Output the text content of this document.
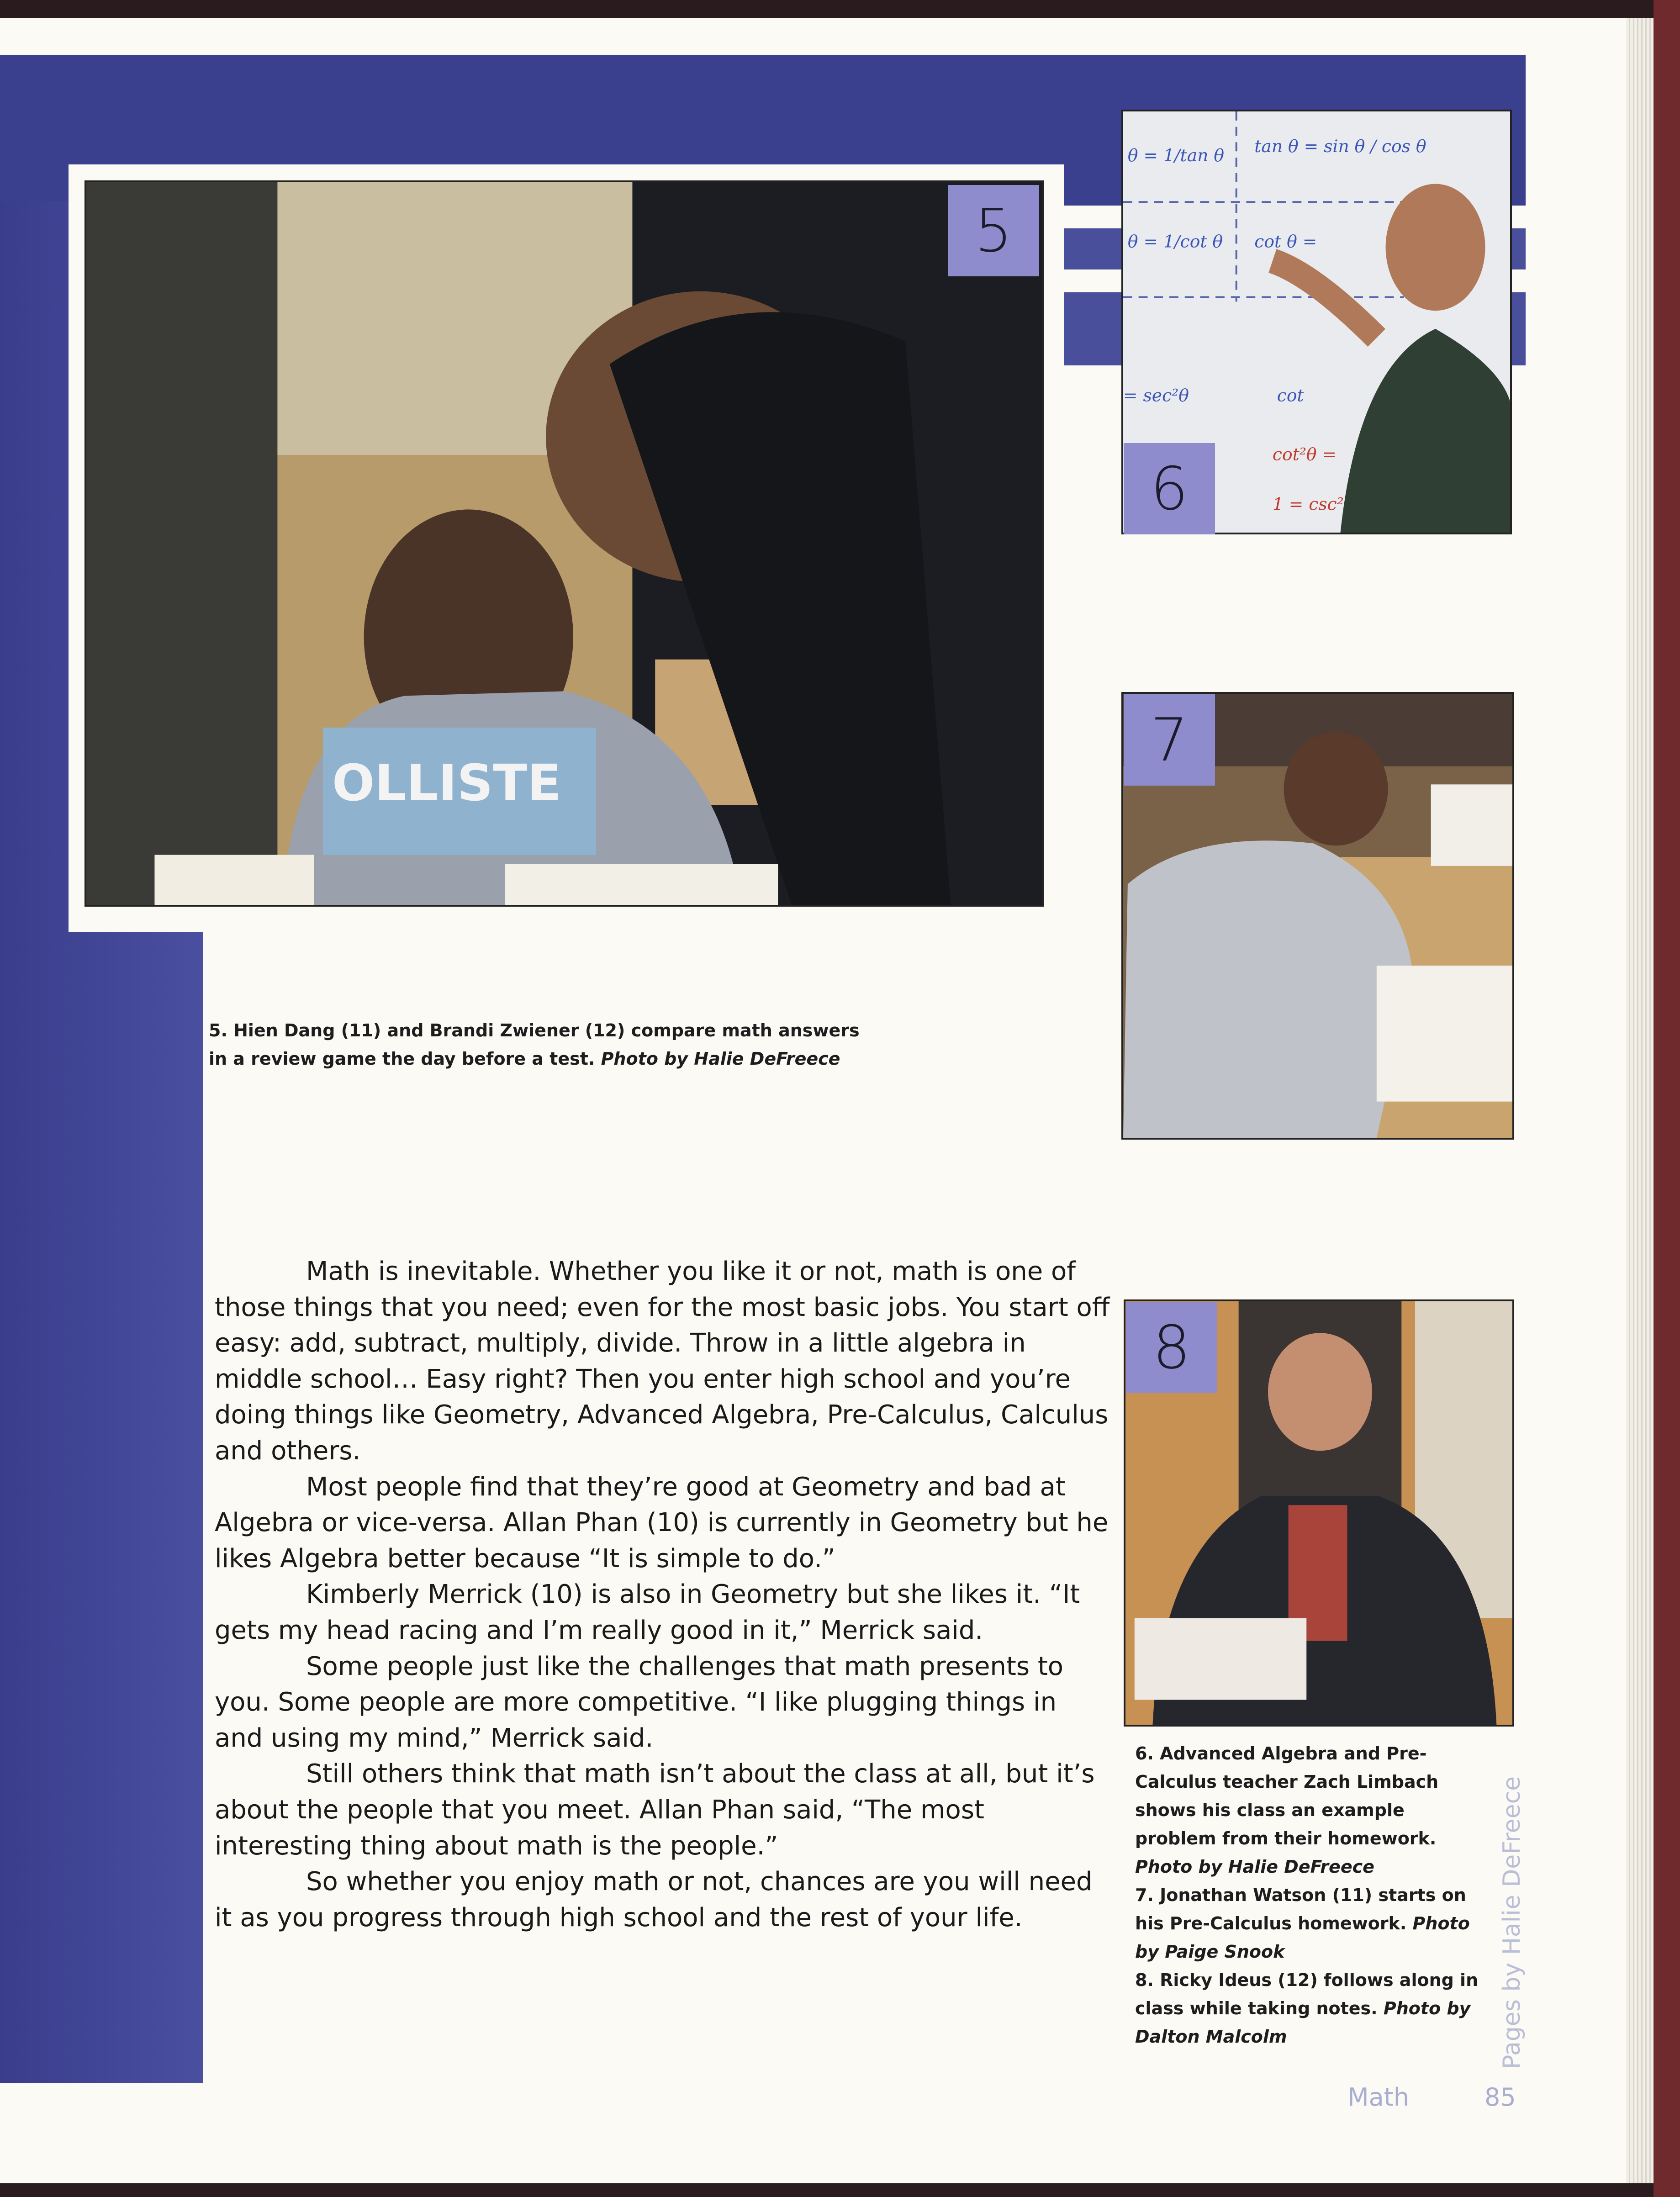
OLLISTE
5
θ = 1/tan θ tan θ = sin θ / cos θ
θ = 1/cot θ cot θ =
= sec²θ	cot
cot²θ =
1 = csc²
6
7
8

5. Hien Dang (11) and Brandi Zwiener (12) compare math answers
in a review game the day before a test. Photo by Halie DeFreece

Math is inevitable. Whether you like it or not, math is one of those things that you need; even for the most basic jobs. You start off easy: add, subtract, multiply, divide. Throw in a little algebra in middle school… Easy right? Then you enter high school and you’re doing things like Geometry, Advanced Algebra, Pre-Calculus, Calculus and others.

Most people find that they’re good at Geometry and bad at Algebra or vice-versa. Allan Phan (10) is currently in Geometry but he likes Algebra better because “It is simple to do.”

Kimberly Merrick (10) is also in Geometry but she likes it. “It gets my head racing and I’m really good in it,” Merrick said.

Some people just like the challenges that math presents to you. Some people are more competitive. “I like plugging things in and using my mind,” Merrick said.

Still others think that math isn’t about the class at all, but it’s about the people that you meet. Allan Phan said, “The most interesting thing about math is the people.”

So whether you enjoy math or not, chances are you will need it as you progress through high school and the rest of your life.

6. Advanced Algebra and Pre-Calculus teacher Zach Limbach shows his class an example problem from their homework. Photo by Halie DeFreece
7. Jonathan Watson (11) starts on his Pre-Calculus homework. Photo by Paige Snook
8. Ricky Ideus (12) follows along in class while taking notes. Photo by Dalton Malcolm	Pages by Halie DeFreece
Math	85
